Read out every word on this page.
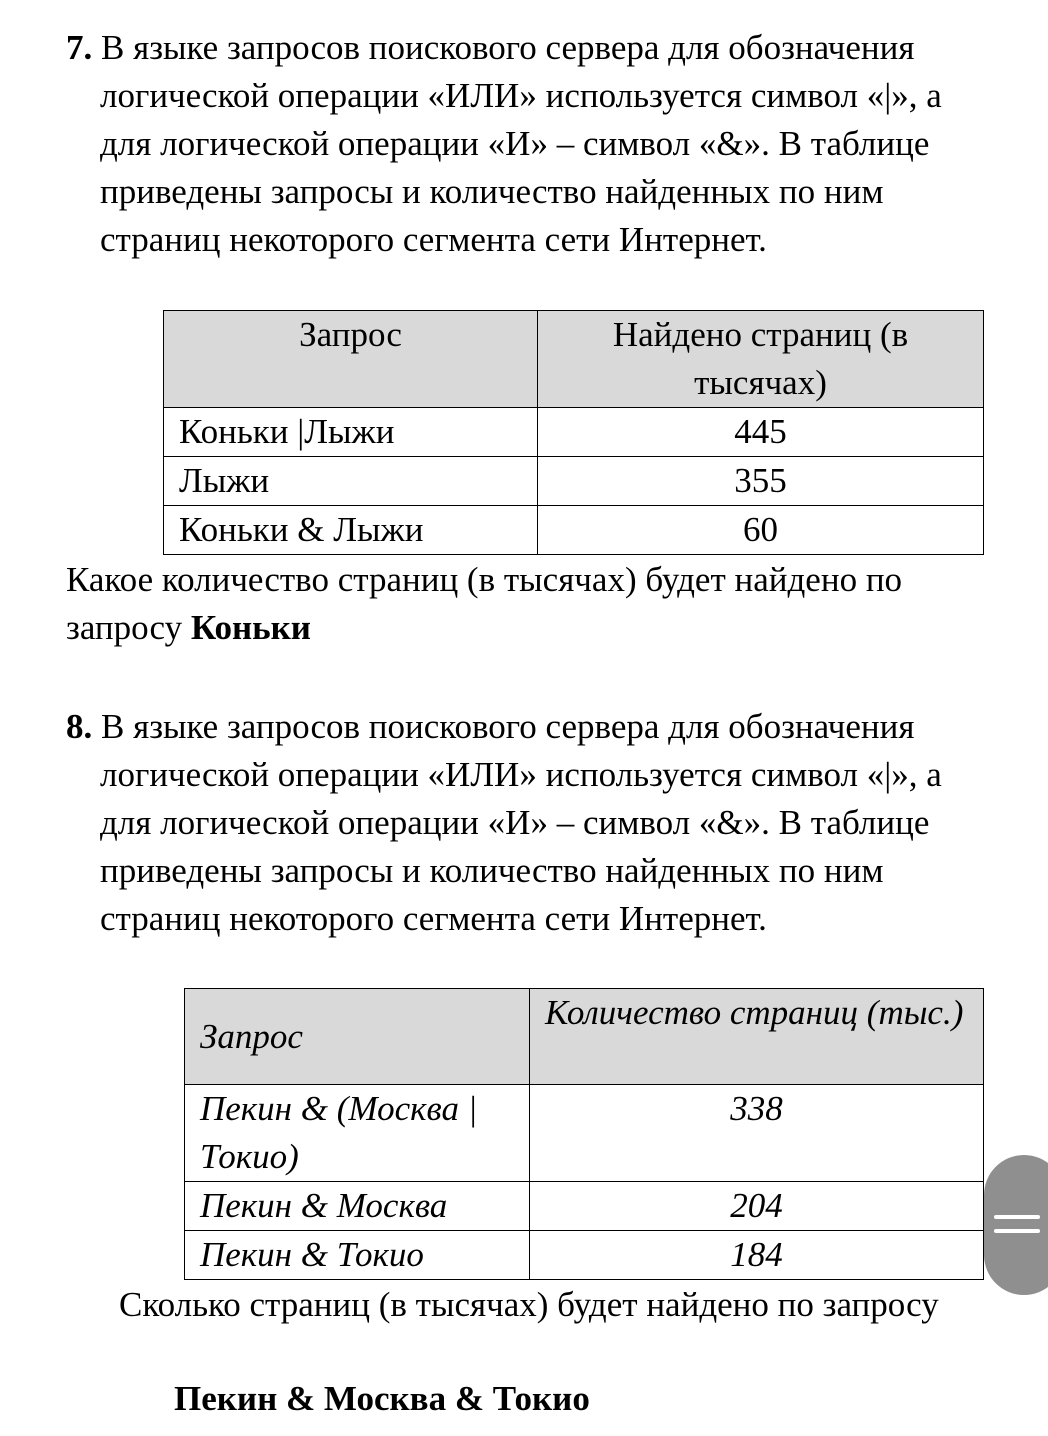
7. В языке запросов поискового сервера для обозначения логической операции «ИЛИ» используется символ «|», а для логической операции «И» – символ «&». В таблице приведены запросы и количество найденных по ним страниц некоторого сегмента сети Интернет.

Запрос	Найдено страниц (в тысячах)
Коньки |Лыжи	445
Лыжи	355
Коньки & Лыжи	60

Какое количество страниц (в тысячах) будет найдено по запросу Коньки

8. В языке запросов поискового сервера для обозначения логической операции «ИЛИ» используется символ «|», а для логической операции «И» – символ «&». В таблице приведены запросы и количество найденных по ним страниц некоторого сегмента сети Интернет.

Запрос	Количество страниц (тыс.)
Пекин & (Москва | Токио)	338
Пекин & Москва	204
Пекин & Токио	184

Сколько страниц (в тысячах) будет найдено по запросу

Пекин & Москва & Токио
